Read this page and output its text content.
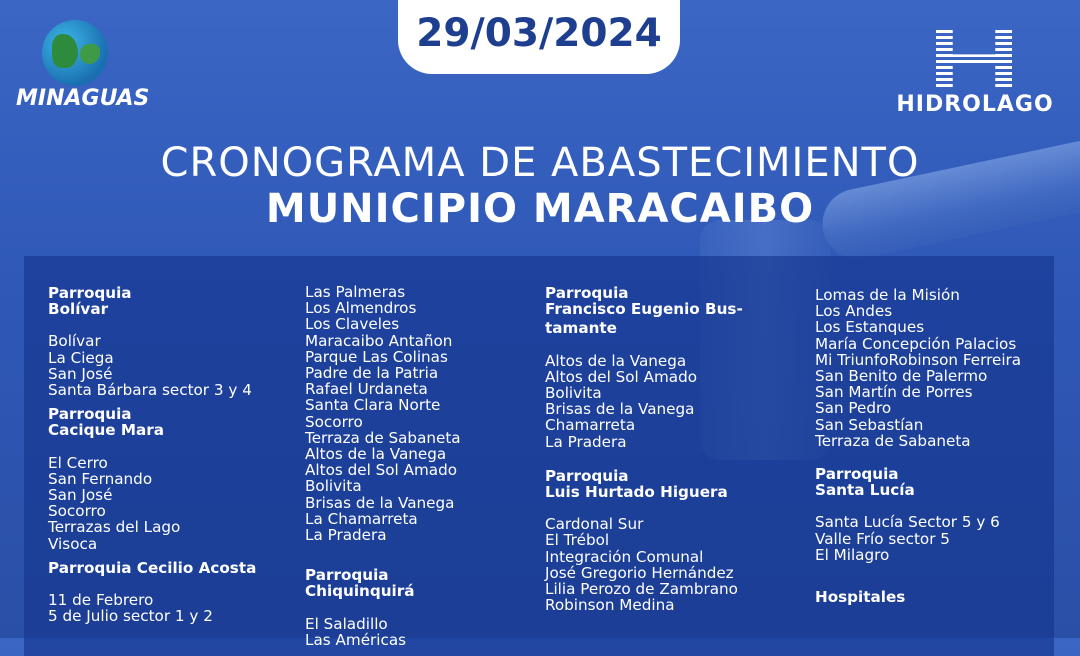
29/03/2024
MINAGUAS	HIDROLAGO
CRONOGRAMA DE ABASTECIMIENTO
MUNICIPIO MARACAIBO
Parroquia
Bolívar
Bolívar
La Ciega
San José
Santa Bárbara sector 3 y 4
Parroquia
Cacique Mara
El Cerro
San Fernando
San José
Socorro
Terrazas del Lago
Visoca
Parroquia Cecilio Acosta
11 de Febrero
5 de Julio sector 1 y 2
Las Palmeras
Los Almendros
Los Claveles
Maracaibo Antañon
Parque Las Colinas
Padre de la Patria
Rafael Urdaneta
Santa Clara Norte
Socorro
Terraza de Sabaneta
Altos de la Vanega
Altos del Sol Amado
Bolivita
Brisas de la Vanega
La Chamarreta
La Pradera
Parroquia
Chiquinquirá
El Saladillo
Las Américas
Parroquia
Francisco Eugenio Bus-
tamante
Altos de la Vanega
Altos del Sol Amado
Bolivita
Brisas de la Vanega
Chamarreta
La Pradera
Parroquia
Luis Hurtado Higuera
Cardonal Sur
El Trébol
Integración Comunal
José Gregorio Hernández
Lilia Perozo de Zambrano
Robinson Medina
Lomas de la Misión
Los Andes
Los Estanques
María Concepción Palacios
Mi TriunfoRobinson Ferreira
San Benito de Palermo
San Martín de Porres
San Pedro
San Sebastían
Terraza de Sabaneta
Parroquia
Santa Lucía
Santa Lucía Sector 5 y 6
Valle Frío sector 5
El Milagro
Hospitales
